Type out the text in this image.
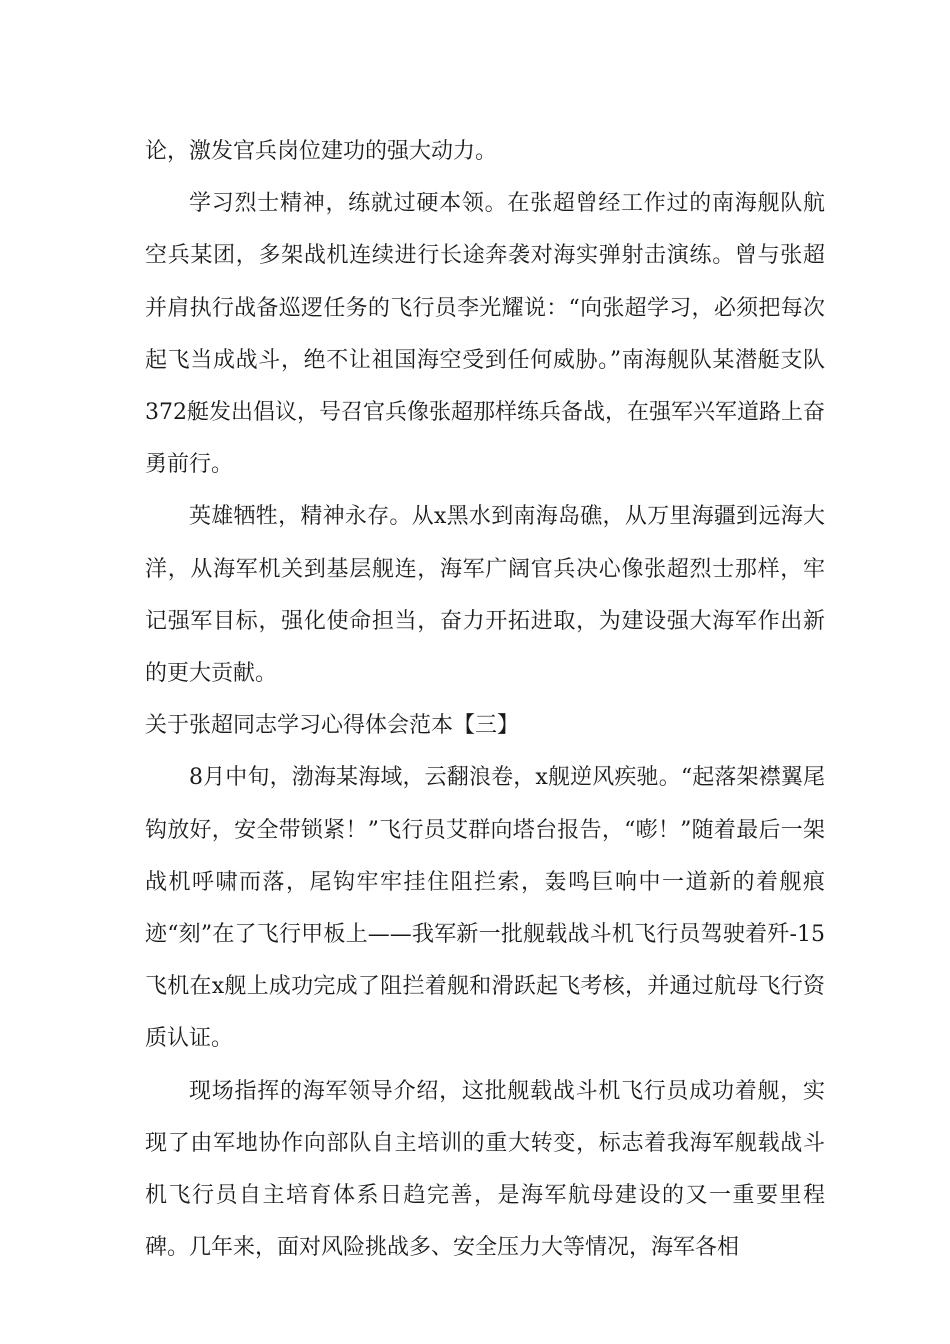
论，激发官兵岗位建功的强大动力。

学习烈士精神，练就过硬本领。在张超曾经工作过的南海舰队航空兵某团，多架战机连续进行长途奔袭对海实弹射击演练。曾与张超并肩执行战备巡逻任务的飞行员李光耀说：“向张超学习，必须把每次起飞当成战斗，绝不让祖国海空受到任何威胁。”南海舰队某潜艇支队372艇发出倡议，号召官兵像张超那样练兵备战，在强军兴军道路上奋勇前行。

英雄牺牲，精神永存。从x黑水到南海岛礁，从万里海疆到远海大洋，从海军机关到基层舰连，海军广阔官兵决心像张超烈士那样，牢记强军目标，强化使命担当，奋力开拓进取，为建设强大海军作出新的更大贡献。

关于张超同志学习心得体会范本【三】

8月中旬，渤海某海域，云翻浪卷，x舰逆风疾驰。“起落架襟翼尾钩放好，安全带锁紧！”飞行员艾群向塔台报告，“嘭！”随着最后一架战机呼啸而落，尾钩牢牢挂住阻拦索，轰鸣巨响中一道新的着舰痕迹“刻”在了飞行甲板上——我军新一批舰载战斗机飞行员驾驶着歼-15飞机在x舰上成功完成了阻拦着舰和滑跃起飞考核，并通过航母飞行资质认证。

现场指挥的海军领导介绍，这批舰载战斗机飞行员成功着舰，实现了由军地协作向部队自主培训的重大转变，标志着我海军舰载战斗机飞行员自主培育体系日趋完善，是海军航母建设的又一重要里程碑。几年来，面对风险挑战多、安全压力大等情况，海军各相
